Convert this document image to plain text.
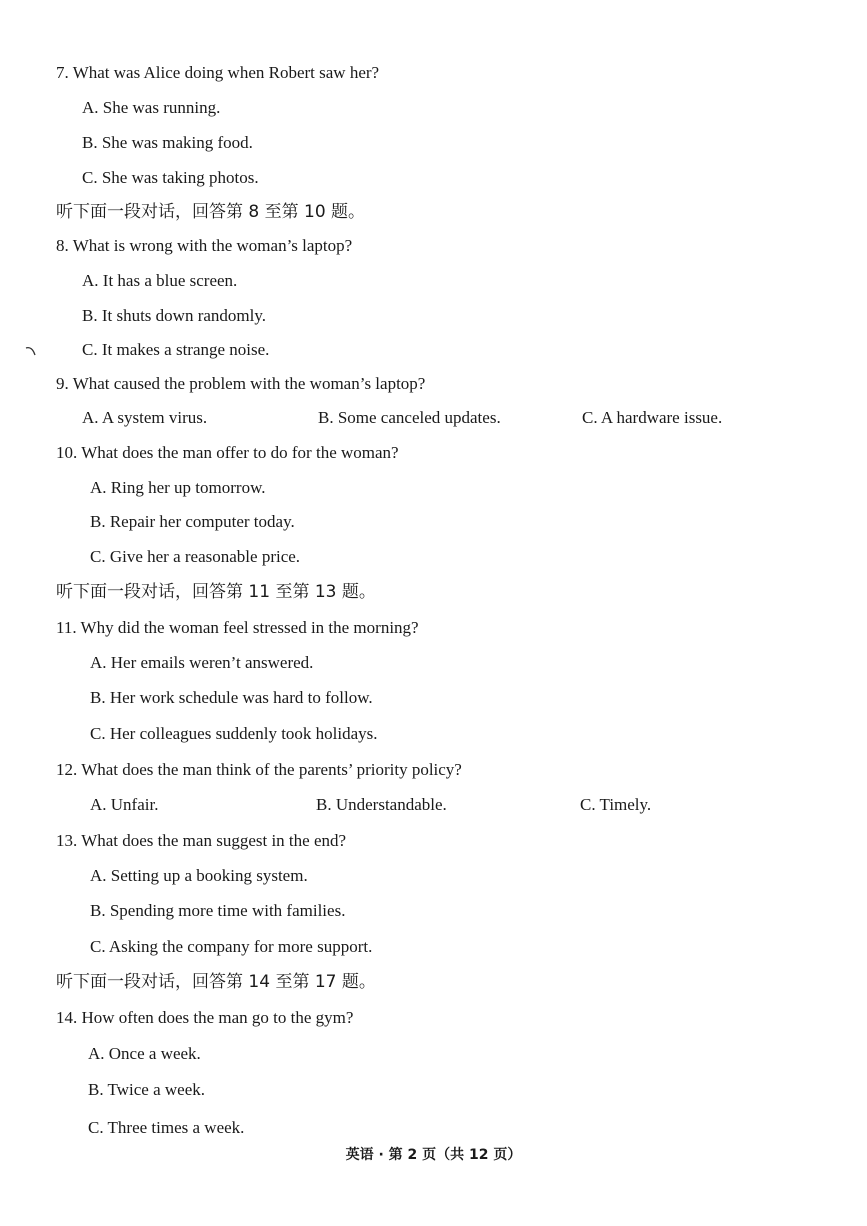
7. What was Alice doing when Robert saw her?
A. She was running.
B. She was making food.
C. She was taking photos.
听下面一段对话，回答第 8 至第 10 题。
8. What is wrong with the woman’s laptop?
A. It has a blue screen.
B. It shuts down randomly.
C. It makes a strange noise.
9. What caused the problem with the woman’s laptop?
A. A system virus.	B. Some canceled updates.	C. A hardware issue.
10. What does the man offer to do for the woman?
A. Ring her up tomorrow.
B. Repair her computer today.
C. Give her a reasonable price.
听下面一段对话，回答第 11 至第 13 题。
11. Why did the woman feel stressed in the morning?
A. Her emails weren’t answered.
B. Her work schedule was hard to follow.
C. Her colleagues suddenly took holidays.
12. What does the man think of the parents’ priority policy?
A. Unfair.	B. Understandable.	C. Timely.
13. What does the man suggest in the end?
A. Setting up a booking system.
B. Spending more time with families.
C. Asking the company for more support.
听下面一段对话，回答第 14 至第 17 题。
14. How often does the man go to the gym?
A. Once a week.
B. Twice a week.
C. Three times a week.
英语 · 第 2 页（共 12 页）
